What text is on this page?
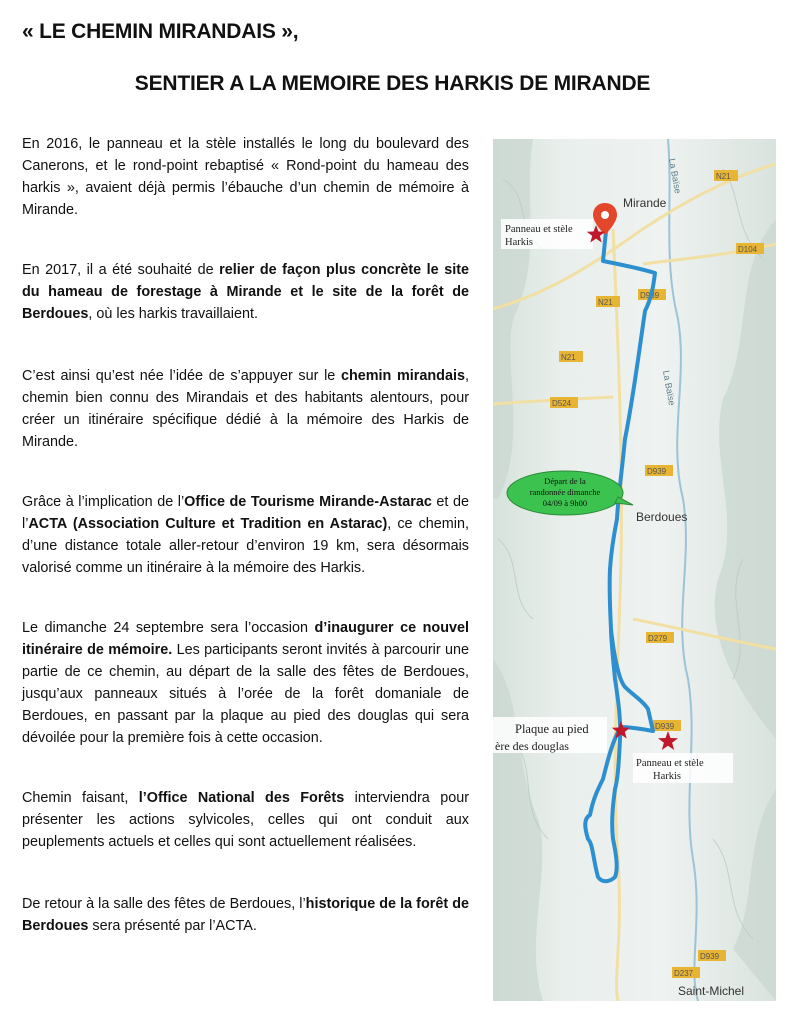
« LE CHEMIN MIRANDAIS »,
SENTIER A LA MEMOIRE DES HARKIS DE MIRANDE

En 2016, le panneau et la stèle installés le long du boulevard des Canerons, et le rond-point rebaptisé « Rond-point du hameau des harkis », avaient déjà permis l’ébauche d’un chemin de mémoire à Mirande.

En 2017, il a été souhaité de relier de façon plus concrète le site du hameau de forestage à Mirande et le site de la forêt de Berdoues, où les harkis travaillaient.

C’est ainsi qu’est née l’idée de s’appuyer sur le chemin mirandais, chemin bien connu des Mirandais et des habitants alentours, pour créer un itinéraire spécifique dédié à la mémoire des Harkis de Mirande.

Grâce à l’implication de l’Office de Tourisme Mirande-Astarac et de l’ACTA (Association Culture et Tradition en Astarac), ce chemin, d’une distance totale aller-retour d’environ 19 km, sera désormais valorisé comme un itinéraire à la mémoire des Harkis.

Le dimanche 24 septembre sera l’occasion d’inaugurer ce nouvel itinéraire de mémoire. Les participants seront invités à parcourir une partie de ce chemin, au départ de la salle des fêtes de Berdoues, jusqu’aux panneaux situés à l’orée de la forêt domaniale de Berdoues, en passant par la plaque au pied des douglas qui sera dévoilée pour la première fois à cette occasion.

Chemin faisant, l’Office National des Forêts interviendra pour présenter les actions sylvicoles, celles qui ont conduit aux peuplements actuels et celles qui sont actuellement réalisées.

De retour à la salle des fêtes de Berdoues, l’historique de la forêt de Berdoues sera présenté par l’ACTA.

La Baïse
La Baïse
N21
D104
N21
D939
N21
D524
D939
D279
D939
D939
D237
Mirande
Berdoues
Saint-Michel
Panneau et stèle
Harkis
Départ de la
randonnée dimanche
04/09 à 9h00
Plaque au pied
ère des douglas
Panneau et stèle
Harkis
